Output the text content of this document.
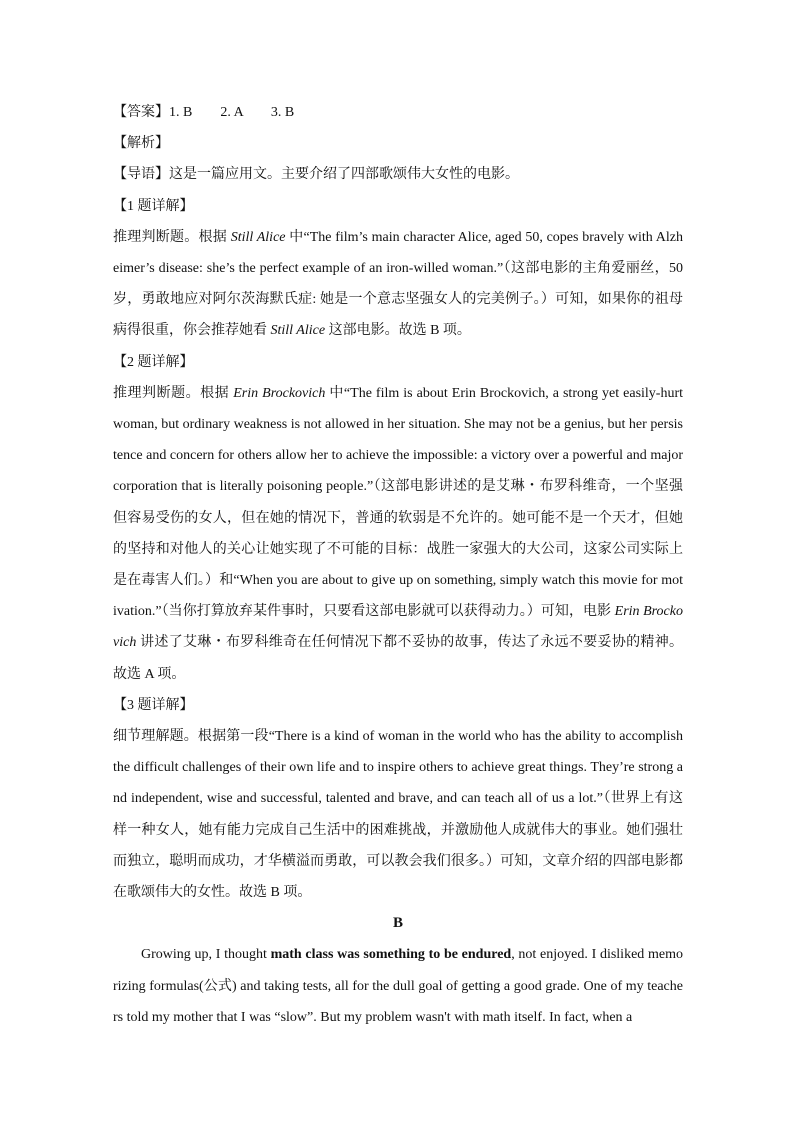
【答案】1. B　　2. A　　3. B

【解析】

【导语】这是一篇应用文。主要介绍了四部歌颂伟大女性的电影。

【1 题详解】

推理判断题。根据 Still Alice 中“The film’s main character Alice, aged 50, copes bravely with Alzheimer’s disease: she’s the perfect example of an iron-willed woman.”（这部电影的主角爱丽丝，50 岁，勇敢地应对阿尔茨海默氏症: 她是一个意志坚强女人的完美例子。）可知，如果你的祖母病得很重，你会推荐她看 Still Alice 这部电影。故选 B 项。

【2 题详解】

推理判断题。根据 Erin Brockovich 中“The film is about Erin Brockovich, a strong yet easily-hurt woman, but ordinary weakness is not allowed in her situation. She may not be a genius, but her persistence and concern for others allow her to achieve the impossible: a victory over a powerful and major corporation that is literally poisoning people.”（这部电影讲述的是艾琳・布罗科维奇，一个坚强但容易受伤的女人，但在她的情况下，普通的软弱是不允许的。她可能不是一个天才，但她的坚持和对他人的关心让她实现了不可能的目标：战胜一家强大的大公司，这家公司实际上是在毒害人们。）和“When you are about to give up on something, simply watch this movie for motivation.”（当你打算放弃某件事时，只要看这部电影就可以获得动力。）可知，电影 Erin Brockovich 讲述了艾琳・布罗科维奇在任何情况下都不妥协的故事，传达了永远不要妥协的精神。故选 A 项。

【3 题详解】

细节理解题。根据第一段“There is a kind of woman in the world who has the ability to accomplish the difficult challenges of their own life and to inspire others to achieve great things. They’re strong and independent, wise and successful, talented and brave, and can teach all of us a lot.”（世界上有这样一种女人，她有能力完成自己生活中的困难挑战，并激励他人成就伟大的事业。她们强壮而独立，聪明而成功，才华横溢而勇敢，可以教会我们很多。）可知，文章介绍的四部电影都在歌颂伟大的女性。故选 B 项。

B

Growing up, I thought math class was something to be endured, not enjoyed. I disliked memorizing formulas(公式) and taking tests, all for the dull goal of getting a good grade. One of my teachers told my mother that I was “slow”. But my problem wasn't with math itself. In fact, when a
